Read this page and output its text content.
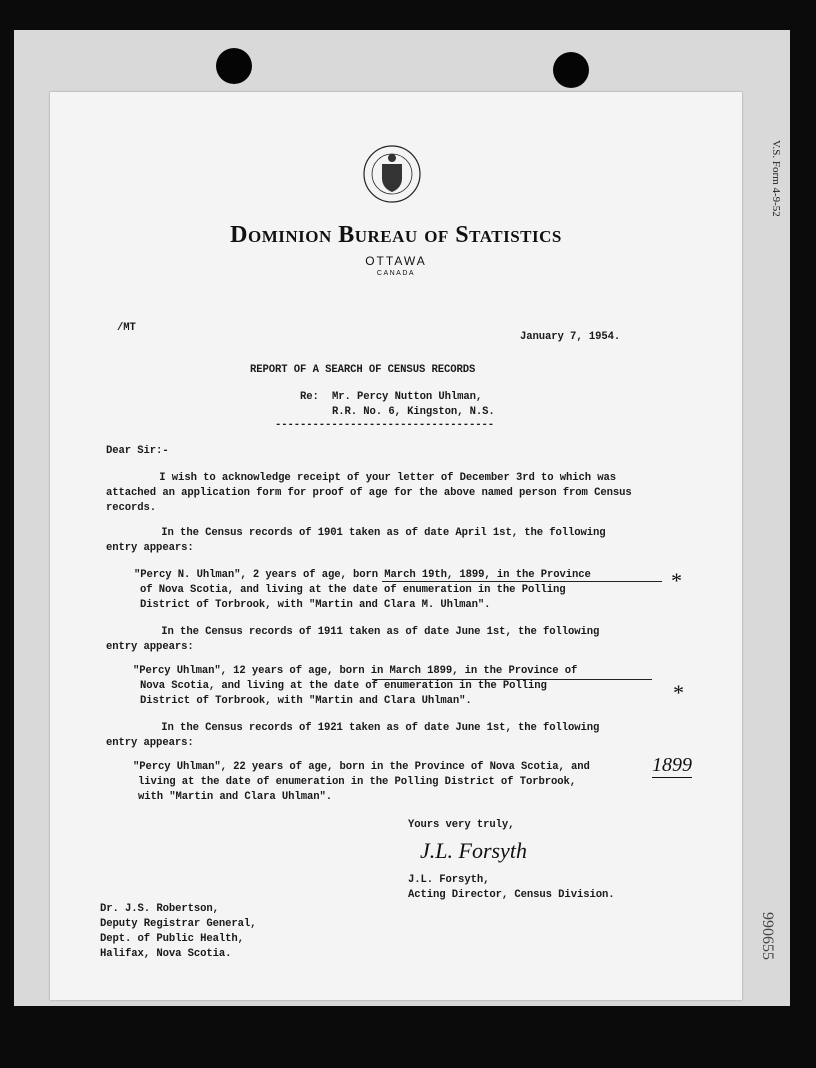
V.S. Form 4-9-52
990655
Dominion Bureau of Statistics
OTTAWA
CANADA
/MT
January 7, 1954.
REPORT OF A SEARCH OF CENSUS RECORDS
Re: Mr. Percy Nutton Uhlman,
R.R. No. 6, Kingston, N.S.
-----------------------------------
Dear Sir:-
I wish to acknowledge receipt of your letter of December 3rd to which was
attached an application form for proof of age for the above named person from Census
records.
In the Census records of 1901 taken as of date April 1st, the following
entry appears:
"Percy N. Uhlman", 2 years of age, born March 19th, 1899, in the Province
of Nova Scotia, and living at the date of enumeration in the Polling
District of Torbrook, with "Martin and Clara M. Uhlman".
In the Census records of 1911 taken as of date June 1st, the following
entry appears:
"Percy Uhlman", 12 years of age, born in March 1899, in the Province of
Nova Scotia, and living at the date of enumeration in the Polling
District of Torbrook, with "Martin and Clara Uhlman".
In the Census records of 1921 taken as of date June 1st, the following
entry appears:
"Percy Uhlman", 22 years of age, born in the Province of Nova Scotia, and
living at the date of enumeration in the Polling District of Torbrook,
with "Martin and Clara Uhlman".
*
*
1899
Yours very truly,
J.L. Forsyth
J.L. Forsyth,
Acting Director, Census Division.
Dr. J.S. Robertson,
Deputy Registrar General,
Dept. of Public Health,
Halifax, Nova Scotia.
